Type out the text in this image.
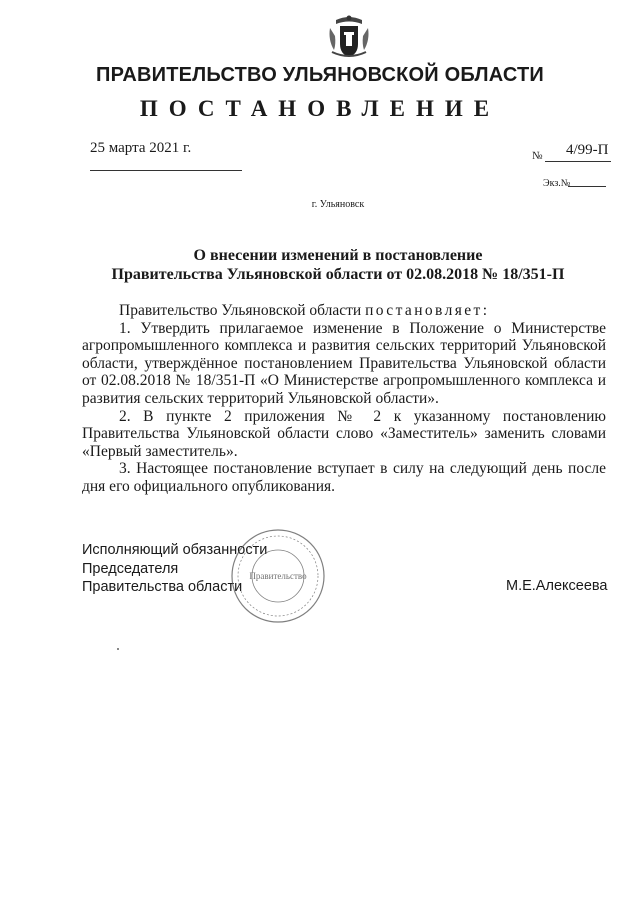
ПРАВИТЕЛЬСТВО УЛЬЯНОВСКОЙ ОБЛАСТИ
ПОСТАНОВЛЕНИЕ
25 марта 2021 г.	№ 4/99-П
Экз.№
г. Ульяновск
О внесении изменений в постановление
Правительства Ульяновской области от 02.08.2018 № 18/351-П

Правительство Ульяновской области постановляет:

1. Утвердить прилагаемое изменение в Положение о Министерстве агропромышленного комплекса и развития сельских территорий Ульяновской области, утверждённое постановлением Правительства Ульяновской области от 02.08.2018 № 18/351-П «О Министерстве агропромышленного комплекса и развития сельских территорий Ульяновской области».

2. В пункте 2 приложения № 2 к указанному постановлению Правительства Ульяновской области слово «Заместитель» заменить словами «Первый заместитель».

3. Настоящее постановление вступает в силу на следующий день после дня его официального опубликования.

Исполняющий обязанности
Председателя
Правительства области	М.Е.Алексеева
Правительство
